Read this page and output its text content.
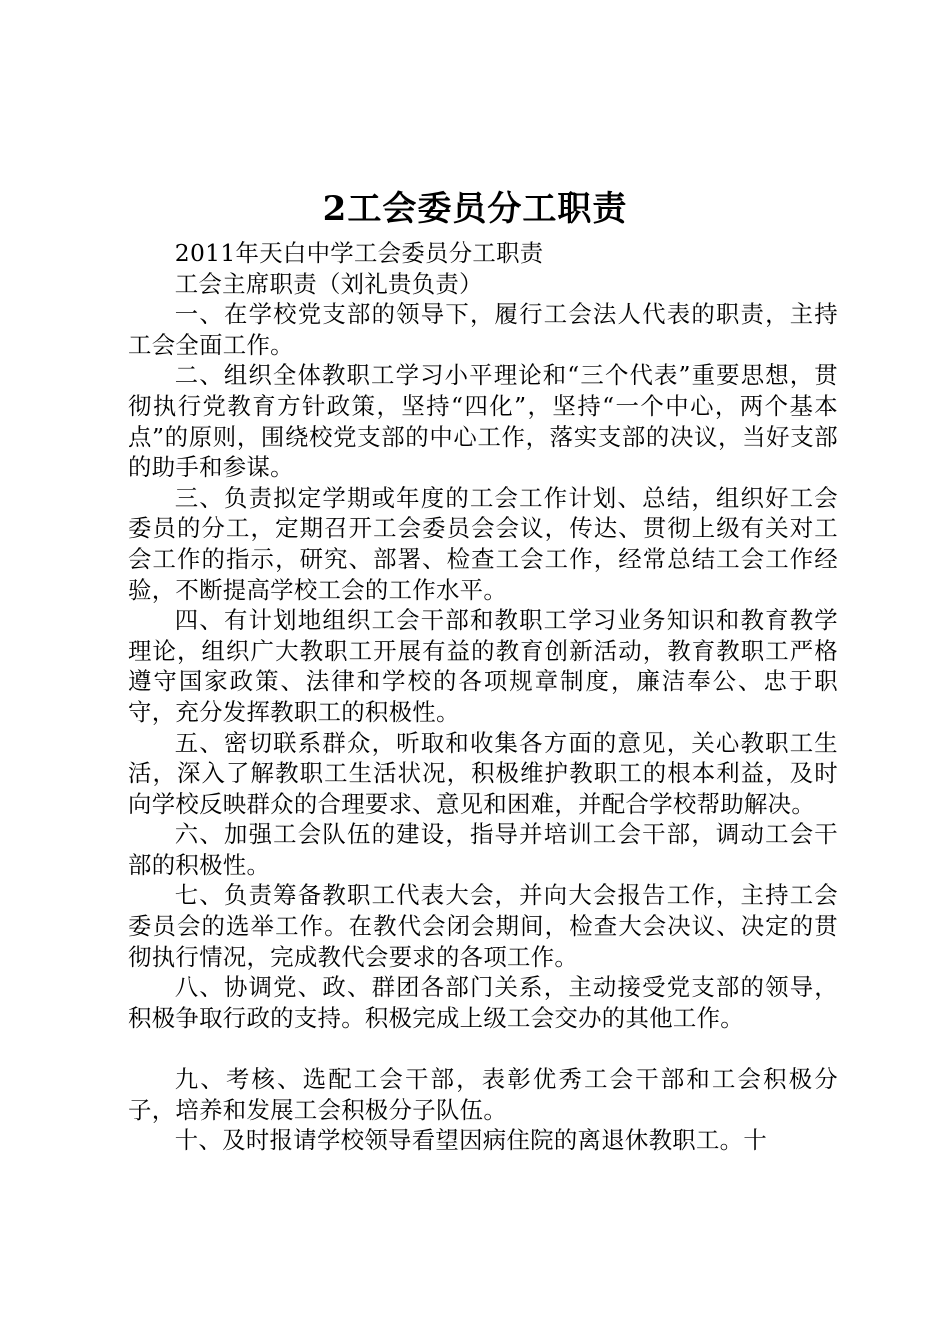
2工会委员分工职责

2011年天白中学工会委员分工职责

工会主席职责（刘礼贵负责）

一、在学校党支部的领导下，履行工会法人代表的职责，主持工会全面工作。

二、组织全体教职工学习小平理论和“三个代表”重要思想，贯彻执行党教育方针政策，坚持“四化”，坚持“一个中心，两个基本点”的原则，围绕校党支部的中心工作，落实支部的决议，当好支部的助手和参谋。

三、负责拟定学期或年度的工会工作计划、总结，组织好工会委员的分工，定期召开工会委员会会议，传达、贯彻上级有关对工会工作的指示，研究、部署、检查工会工作，经常总结工会工作经验，不断提高学校工会的工作水平。

四、有计划地组织工会干部和教职工学习业务知识和教育教学理论，组织广大教职工开展有益的教育创新活动，教育教职工严格遵守国家政策、法律和学校的各项规章制度，廉洁奉公、忠于职守，充分发挥教职工的积极性。

五、密切联系群众，听取和收集各方面的意见，关心教职工生活，深入了解教职工生活状况，积极维护教职工的根本利益，及时向学校反映群众的合理要求、意见和困难，并配合学校帮助解决。

六、加强工会队伍的建设，指导并培训工会干部，调动工会干部的积极性。

七、负责筹备教职工代表大会，并向大会报告工作，主持工会委员会的选举工作。在教代会闭会期间，检查大会决议、决定的贯彻执行情况，完成教代会要求的各项工作。

八、协调党、政、群团各部门关系，主动接受党支部的领导，积极争取行政的支持。积极完成上级工会交办的其他工作。

九、考核、选配工会干部，表彰优秀工会干部和工会积极分子，培养和发展工会积极分子队伍。

十、及时报请学校领导看望因病住院的离退休教职工。十
